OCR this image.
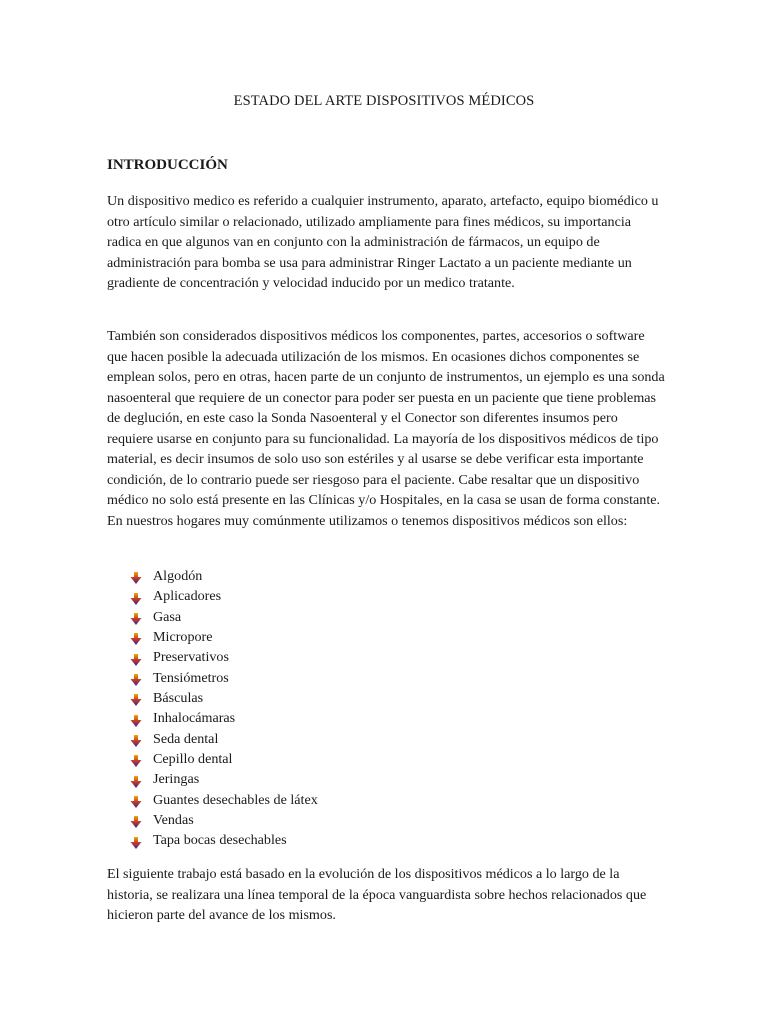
ESTADO DEL ARTE DISPOSITIVOS MÉDICOS
INTRODUCCIÓN

Un dispositivo medico es referido a cualquier instrumento, aparato, artefacto, equipo biomédico u otro artículo similar o relacionado, utilizado ampliamente para fines médicos, su importancia radica en que algunos van en conjunto con la administración de fármacos, un equipo de administración para bomba se usa para administrar Ringer Lactato a un paciente mediante un gradiente de concentración y velocidad inducido por un medico tratante.

También son considerados dispositivos médicos los componentes, partes, accesorios o software que hacen posible la adecuada utilización de los mismos. En ocasiones dichos componentes se emplean solos, pero en otras, hacen parte de un conjunto de instrumentos, un ejemplo es una sonda nasoenteral que requiere de un conector para poder ser puesta en un paciente que tiene problemas de deglución, en este caso la Sonda Nasoenteral y el Conector son diferentes insumos pero requiere usarse en conjunto para su funcionalidad. La mayoría de los dispositivos médicos de tipo material, es decir insumos de solo uso son estériles y al usarse se debe verificar esta importante condición, de lo contrario puede ser riesgoso para el paciente. Cabe resaltar que un dispositivo médico no solo está presente en las Clínicas y/o Hospitales, en la casa se usan de forma constante. En nuestros hogares muy comúnmente utilizamos o tenemos dispositivos médicos son ellos:

Algodón
Aplicadores
Gasa
Micropore
Preservativos
Tensiómetros
Básculas
Inhalocámaras
Seda dental
Cepillo dental
Jeringas
Guantes desechables de látex
Vendas
Tapa bocas desechables

El siguiente trabajo está basado en la evolución de los dispositivos médicos a lo largo de la historia, se realizara una línea temporal de la época vanguardista sobre hechos relacionados que hicieron parte del avance de los mismos.
